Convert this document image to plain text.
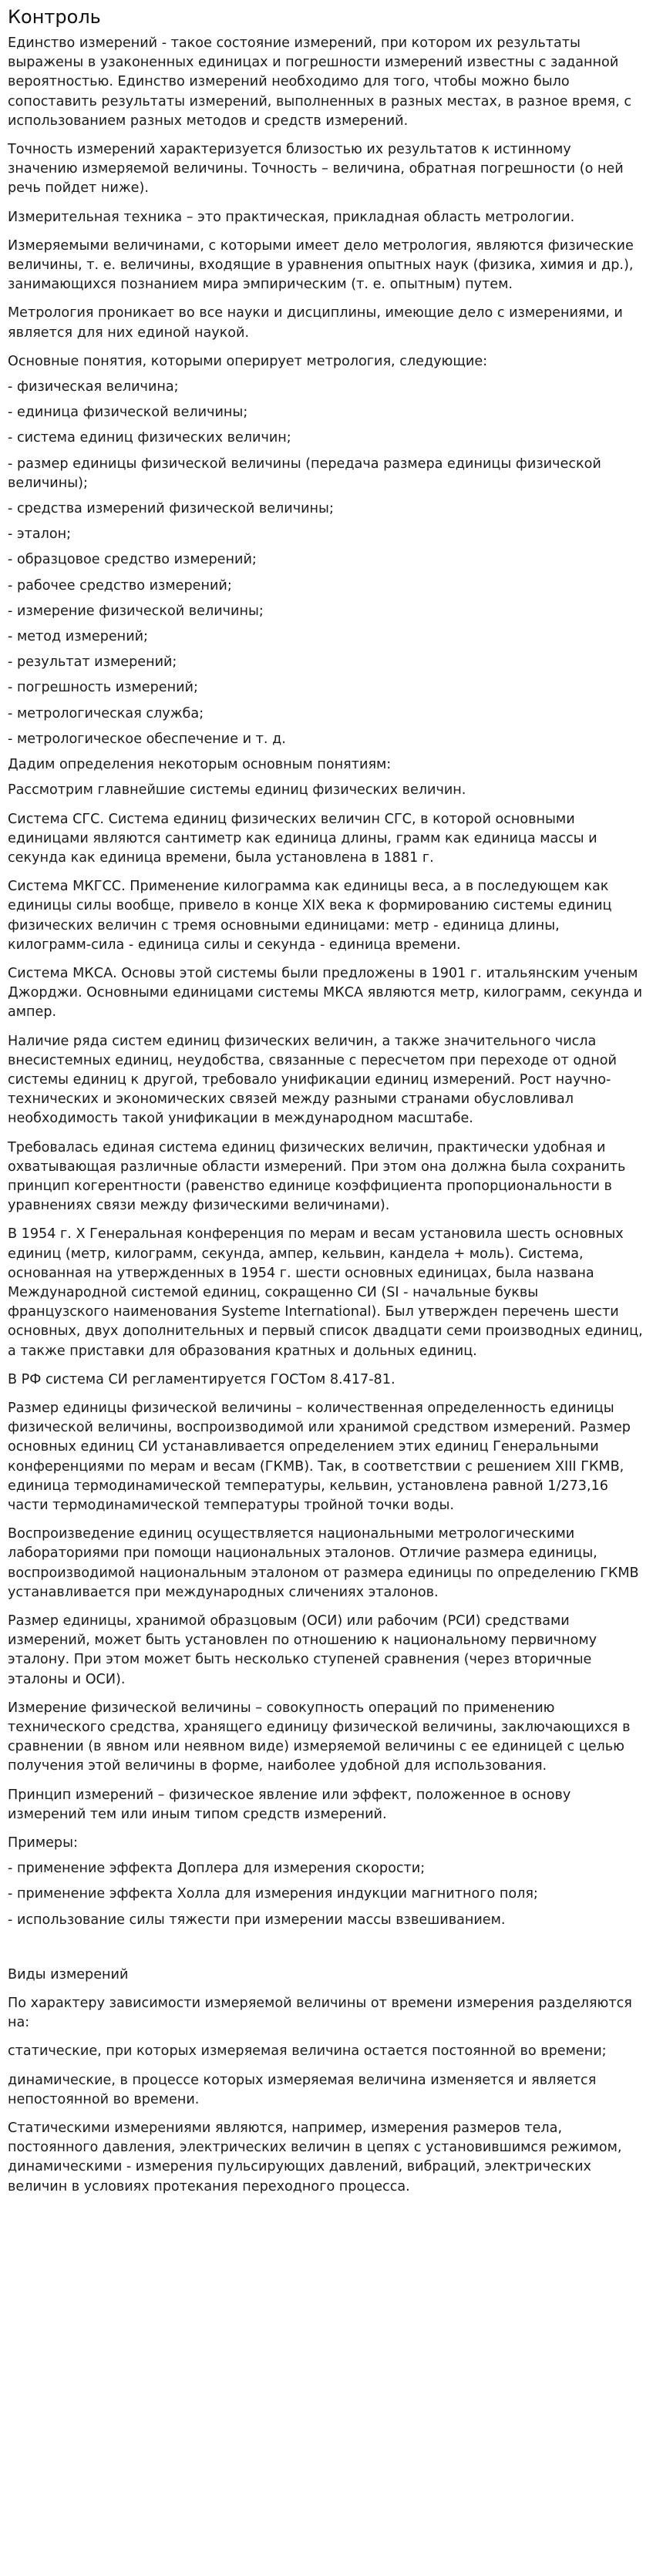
Контроль

Единство измерений - такое состояние измерений, при котором их результаты выражены в узаконенных единицах и погрешности измерений известны с заданной вероятностью. Единство измерений необходимо для того, чтобы можно было сопоставить результаты измерений, выполненных в разных местах, в разное время, с использованием разных методов и средств измерений.

Точность измерений характеризуется близостью их результатов к истинному значению измеряемой величины. Точность – величина, обратная погрешности (о ней речь пойдет ниже).

Измерительная техника – это практическая, прикладная область метрологии.

Измеряемыми величинами, с которыми имеет дело метрология, являются физические величины, т. е. величины, входящие в уравнения опытных наук (физика, химия и др.), занимающихся познанием мира эмпирическим (т. е. опытным) путем.

Метрология проникает во все науки и дисциплины, имеющие дело с измерениями, и является для них единой наукой.

Основные понятия, которыми оперирует метрология, следующие:

- физическая величина;

- единица физической величины;

- система единиц физических величин;

- размер единицы физической величины (передача размера единицы физической величины);

- средства измерений физической величины;

- эталон;

- образцовое средство измерений;

- рабочее средство измерений;

- измерение физической величины;

- метод измерений;

- результат измерений;

- погрешность измерений;

- метрологическая служба;

- метрологическое обеспечение и т. д.

Дадим определения некоторым основным понятиям:

Рассмотрим главнейшие системы единиц физических величин.

Система СГС. Система единиц физических величин СГС, в которой основными единицами являются сантиметр как единица длины, грамм как единица массы и секунда как единица времени, была установлена в 1881 г.

Система МКГСС. Применение килограмма как единицы веса, а в последующем как единицы силы вообще, привело в конце XIX века к формированию системы единиц физических величин с тремя основными единицами: метр - единица длины, килограмм-сила - единица силы и секунда - единица времени.

Система МКСА. Основы этой системы были предложены в 1901 г. итальянским ученым Джорджи. Основными единицами системы МКСА являются метр, килограмм, секунда и ампер.

Наличие ряда систем единиц физических величин, а также значительного числа внесистемных единиц, неудобства, связанные с пересчетом при переходе от одной системы единиц к другой, требовало унификации единиц измерений. Рост научно-технических и экономических связей между разными странами обусловливал необходимость такой унификации в международном масштабе.

Требовалась единая система единиц физических величин, практически удобная и охватывающая различные области измерений. При этом она должна была сохранить принцип когерентности (равенство единице коэффициента пропорциональности в уравнениях связи между физическими величинами).

В 1954 г. X Генеральная конференция по мерам и весам установила шесть основных единиц (метр, килограмм, секунда, ампер, кельвин, кандела + моль). Система, основанная на утвержденных в 1954 г. шести основных единицах, была названа Международной системой единиц, сокращенно СИ (SI - начальные буквы французского наименования Systeme International). Был утвержден перечень шести основных, двух дополнительных и первый список двадцати семи производных единиц, а также приставки для образования кратных и дольных единиц.

В РФ система СИ регламентируется ГОСТом 8.417-81.

Размер единицы физической величины – количественная определенность единицы физической величины, воспроизводимой или хранимой средством измерений. Размер основных единиц СИ устанавливается определением этих единиц Генеральными конференциями по мерам и весам (ГКМВ). Так, в соответствии с решением XIII ГКМВ, единица термодинамической температуры, кельвин, установлена равной 1/273,16 части термодинамической температуры тройной точки воды.

Воспроизведение единиц осуществляется национальными метрологическими лабораториями при помощи национальных эталонов. Отличие размера единицы, воспроизводимой национальным эталоном от размера единицы по определению ГКМВ устанавливается при международных сличениях эталонов.

Размер единицы, хранимой образцовым (ОСИ) или рабочим (РСИ) средствами измерений, может быть установлен по отношению к национальному первичному эталону. При этом может быть несколько ступеней сравнения (через вторичные эталоны и ОСИ).

Измерение физической величины – совокупность операций по применению технического средства, хранящего единицу физической величины, заключающихся в сравнении (в явном или неявном виде) измеряемой величины с ее единицей с целью получения этой величины в форме, наиболее удобной для использования.

Принцип измерений – физическое явление или эффект, положенное в основу измерений тем или иным типом средств измерений.

Примеры:

- применение эффекта Доплера для измерения скорости;

- применение эффекта Холла для измерения индукции магнитного поля;

- использование силы тяжести при измерении массы взвешиванием.

Виды измерений

По характеру зависимости измеряемой величины от времени измерения разделяются на:

статические, при которых измеряемая величина остается постоянной во времени;

динамические, в процессе которых измеряемая величина изменяется и является непостоянной во времени.

Статическими измерениями являются, например, измерения размеров тела, постоянного давления, электрических величин в цепях с установившимся режимом, динамическими - измерения пульсирующих давлений, вибраций, электрических величин в условиях протекания переходного процесса.
